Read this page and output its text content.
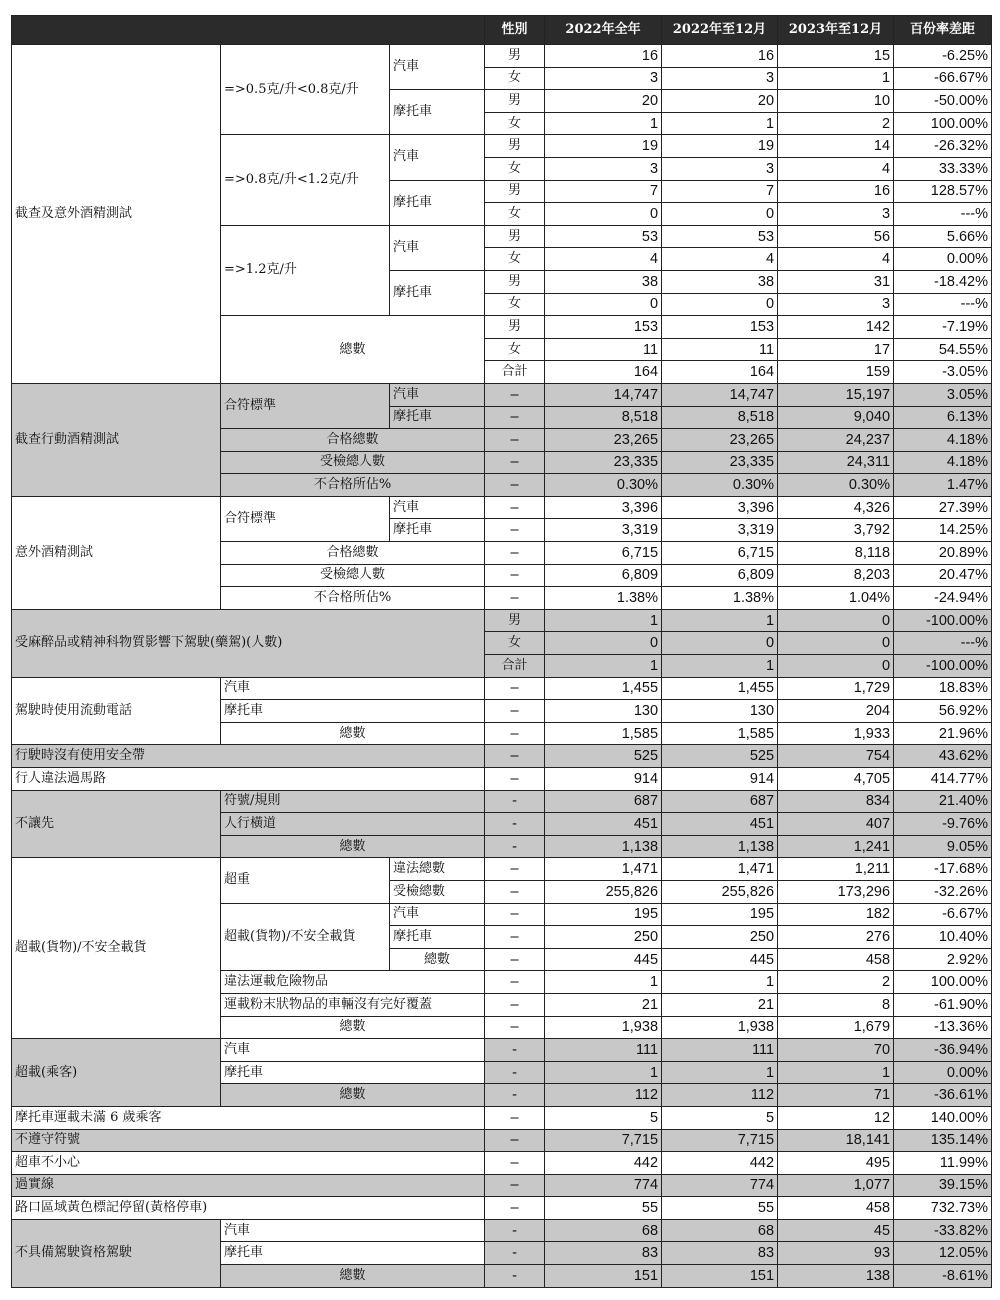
			性別	2022年全年	2022年至12月	2023年至12月	百份率差距
截查及意外酒精測試	=>0.5克/升<0.8克/升	汽車	男	16	16	15	-6.25%
			女	3	3	1	-66.67%
		摩托車	男	20	20	10	-50.00%
			女	1	1	2	100.00%
	=>0.8克/升<1.2克/升	汽車	男	19	19	14	-26.32%
			女	3	3	4	33.33%
		摩托車	男	7	7	16	128.57%
			女	0	0	3	---%
	=>1.2克/升	汽車	男	53	53	56	5.66%
			女	4	4	4	0.00%
		摩托車	男	38	38	31	-18.42%
			女	0	0	3	---%
	總數		男	153	153	142	-7.19%
			女	11	11	17	54.55%
			合計	164	164	159	-3.05%
截查行動酒精測試	合符標準	汽車	–	14,747	14,747	15,197	3.05%
		摩托車	–	8,518	8,518	9,040	6.13%
	合格總數		–	23,265	23,265	24,237	4.18%
	受檢總人數		–	23,335	23,335	24,311	4.18%
	不合格所佔%		–	0.30%	0.30%	0.30%	1.47%
意外酒精測試	合符標準	汽車	–	3,396	3,396	4,326	27.39%
		摩托車	–	3,319	3,319	3,792	14.25%
	合格總數		–	6,715	6,715	8,118	20.89%
	受檢總人數		–	6,809	6,809	8,203	20.47%
	不合格所佔%		–	1.38%	1.38%	1.04%	-24.94%
受麻醉品或精神科物質影響下駕駛(藥駕)(人數)			男	1	1	0	-100.00%
			女	0	0	0	---%
			合計	1	1	0	-100.00%
駕駛時使用流動電話	汽車		–	1,455	1,455	1,729	18.83%
	摩托車		–	130	130	204	56.92%
	總數		–	1,585	1,585	1,933	21.96%
行駛時沒有使用安全帶			–	525	525	754	43.62%
行人違法過馬路			–	914	914	4,705	414.77%
不讓先	符號/規則		-	687	687	834	21.40%
	人行橫道		-	451	451	407	-9.76%
	總數		-	1,138	1,138	1,241	9.05%
超載(貨物)/不安全載貨	超重	違法總數	–	1,471	1,471	1,211	-17.68%
		受檢總數	–	255,826	255,826	173,296	-32.26%
	超載(貨物)/不安全載貨	汽車	–	195	195	182	-6.67%
		摩托車	–	250	250	276	10.40%
		總數	–	445	445	458	2.92%
	違法運載危險物品		–	1	1	2	100.00%
	運載粉末狀物品的車輛沒有完好覆蓋		–	21	21	8	-61.90%
	總數		–	1,938	1,938	1,679	-13.36%
超載(乘客)	汽車		-	111	111	70	-36.94%
	摩托車		-	1	1	1	0.00%
	總數		-	112	112	71	-36.61%
摩托車運載未滿 6 歲乘客			–	5	5	12	140.00%
不遵守符號			–	7,715	7,715	18,141	135.14%
超車不小心			–	442	442	495	11.99%
過實線			–	774	774	1,077	39.15%
路口區域黃色標記停留(黃格停車)			–	55	55	458	732.73%
不具備駕駛資格駕駛	汽車		-	68	68	45	-33.82%
	摩托車		-	83	83	93	12.05%
	總數		-	151	151	138	-8.61%
